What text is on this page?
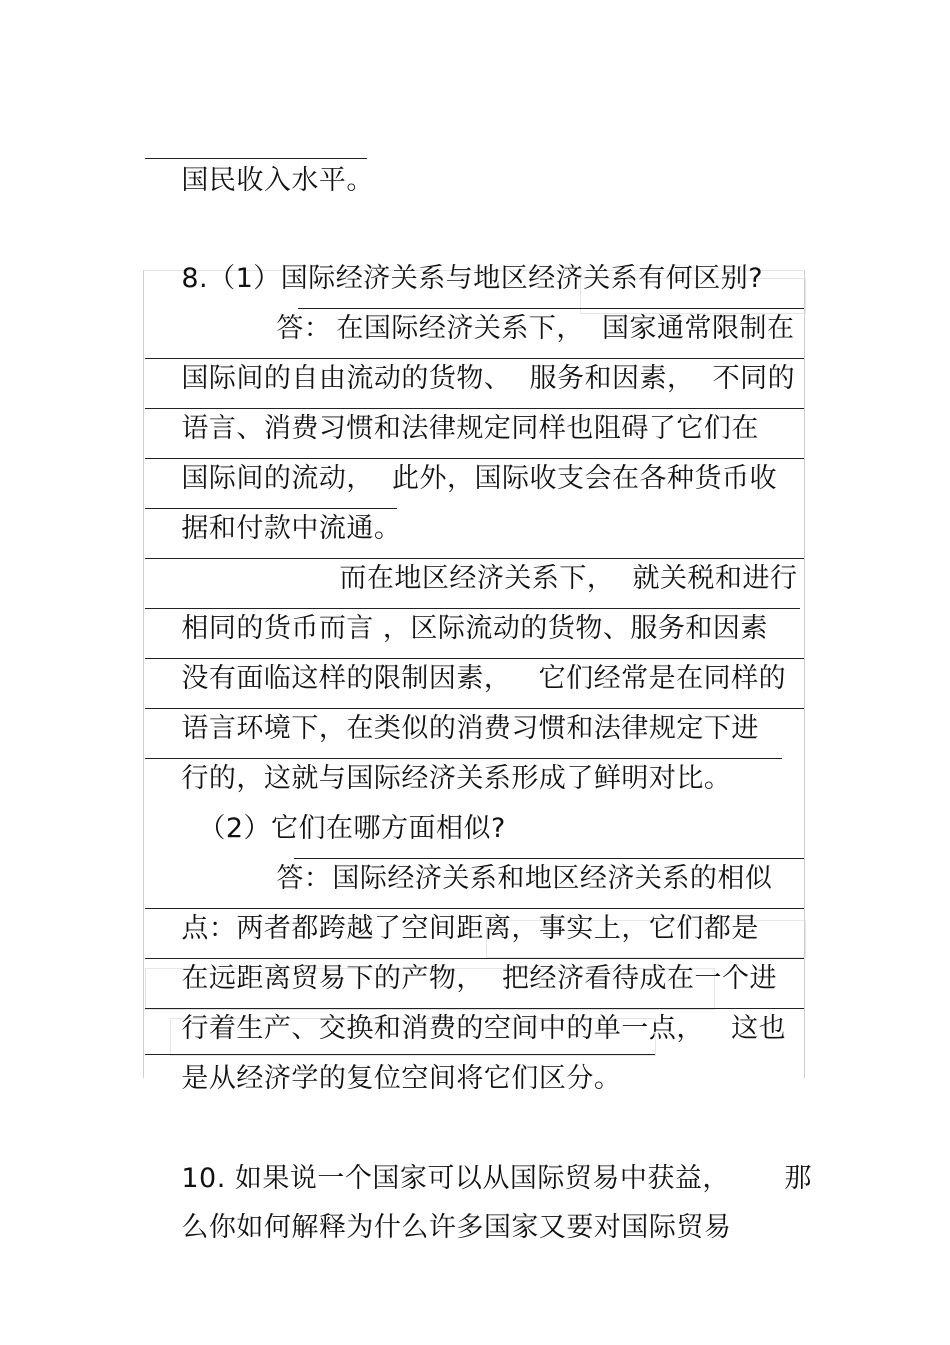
国民收入水平。

8.（1）国际经济关系与地区经济关系有何区别?

答：
在国际经济关系下，  国家通常限制在

国际间的自由流动的货物、  服务和因素，  不同的

语言、消费习惯和法律规定同样也阻碍了它们在

国际间的流动，  此外，国际收支会在各种货币收

据和付款中流通。

而在地区经济关系下，  就关税和进行

相同的货币而言 ，区际流动的货物、服务和因素

没有面临这样的限制因素，   它们经常是在同样的

语言环境下，在类似的消费习惯和法律规定下进

行的，这就与国际经济关系形成了鲜明对比。

（2）它们在哪方面相似?

答：
国际经济关系和地区经济关系的相似

点：两者都跨越了空间距离，事实上，它们都是

在远距离贸易下的产物，  把经济看待成在一个进

行着生产、交换和消费的空间中的单一点，   这也

是从经济学的复位空间将它们区分。

10. 如果说一个国家可以从国际贸易中获益，      那

么你如何解释为什么许多国家又要对国际贸易
